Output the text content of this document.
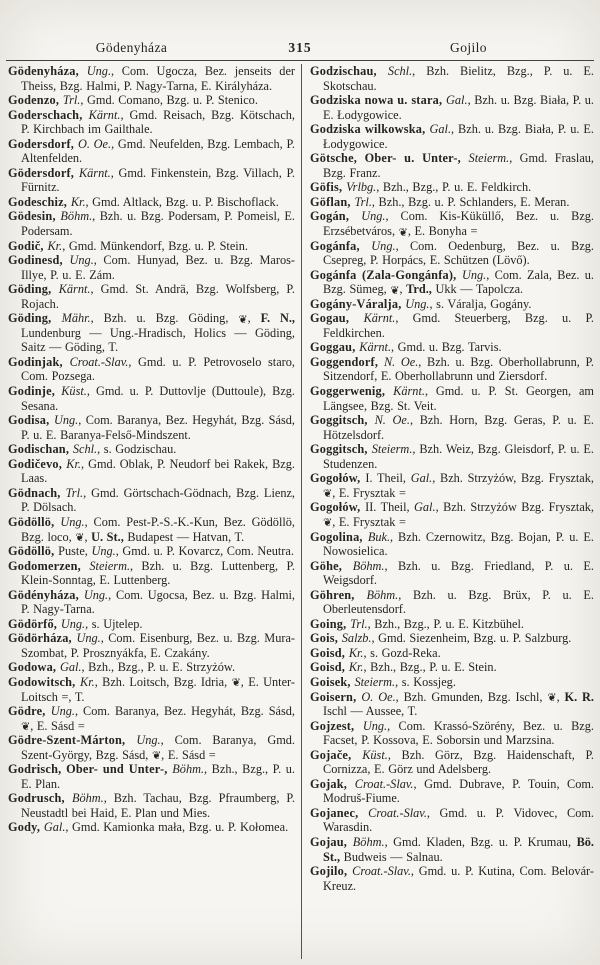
Gödenyháza	315	Gojilo
Gödenyháza, Ung., Com. Ugocza, Bez. jenseits der Theiss, Bzg. Halmi, P. Nagy-Tarna, E. Királyháza.
Godenzo, Trl., Gmd. Comano, Bzg. u. P. Stenico.
Goderschach, Kärnt., Gmd. Reisach, Bzg. Kötschach, P. Kirchbach im Gailthale.
Godersdorf, O. Oe., Gmd. Neufelden, Bzg. Lembach, P. Altenfelden.
Gödersdorf, Kärnt., Gmd. Finkenstein, Bzg. Villach, P. Fürnitz.
Godeschiz, Kr., Gmd. Altlack, Bzg. u. P. Bischoflack.
Gödesin, Böhm., Bzh. u. Bzg. Podersam, P. Pomeisl, E. Podersam.
Godič, Kr., Gmd. Münkendorf, Bzg. u. P. Stein.
Godinesd, Ung., Com. Hunyad, Bez. u. Bzg. Maros-Illye, P. u. E. Zám.
Göding, Kärnt., Gmd. St. Andrä, Bzg. Wolfsberg, P. Rojach.
Göding, Mähr., Bzh. u. Bzg. Göding, ❦, F. N., Lundenburg — Ung.-Hradisch, Holics — Göding, Saitz — Göding, T.
Godinjak, Croat.-Slav., Gmd. u. P. Petrovoselo staro, Com. Pozsega.
Godinje, Küst., Gmd. u. P. Duttovlje (Duttoule), Bzg. Sesana.
Godisa, Ung., Com. Baranya, Bez. Hegyhát, Bzg. Sásd, P. u. E. Baranya-Felső-Mindszent.
Godischan, Schl., s. Godzischau.
Godičevo, Kr., Gmd. Oblak, P. Neudorf bei Rakek, Bzg. Laas.
Gödnach, Trl., Gmd. Görtschach-Gödnach, Bzg. Lienz, P. Dölsach.
Gödöllö, Ung., Com. Pest-P.-S.-K.-Kun, Bez. Gödöllö, Bzg. loco, ❦, U. St., Budapest — Hatvan, T.
Gödöllö, Puste, Ung., Gmd. u. P. Kovarcz, Com. Neutra.
Godomerzen, Steierm., Bzh. u. Bzg. Luttenberg, P. Klein-Sonntag, E. Luttenberg.
Gödényháza, Ung., Com. Ugocsa, Bez. u. Bzg. Halmi, P. Nagy-Tarna.
Gödörfő, Ung., s. Ujtelep.
Gödörháza, Ung., Com. Eisenburg, Bez. u. Bzg. Mura-Szombat, P. Prosznyákfa, E. Czakány.
Godowa, Gal., Bzh., Bzg., P. u. E. Strzyżów.
Godowitsch, Kr., Bzh. Loitsch, Bzg. Idria, ❦, E. Unter-Loitsch =, T.
Gödre, Ung., Com. Baranya, Bez. Hegyhát, Bzg. Sásd, ❦, E. Sásd =
Gödre-Szent-Márton, Ung., Com. Baranya, Gmd. Szent-György, Bzg. Sásd, ❦, E. Sásd =
Godrisch, Ober- und Unter-, Böhm., Bzh., Bzg., P. u. E. Plan.
Godrusch, Böhm., Bzh. Tachau, Bzg. Pfraumberg, P. Neustadtl bei Haid, E. Plan und Mies.
Gody, Gal., Gmd. Kamionka mała, Bzg. u. P. Kołomea.
Godzischau, Schl., Bzh. Bielitz, Bzg., P. u. E. Skotschau.
Godziska nowa u. stara, Gal., Bzh. u. Bzg. Biała, P. u. E. Łodygowice.
Godziska wilkowska, Gal., Bzh. u. Bzg. Biała, P. u. E. Łodygowice.
Götsche, Ober- u. Unter-, Steierm., Gmd. Fraslau, Bzg. Franz.
Göfis, Vrlbg., Bzh., Bzg., P. u. E. Feldkirch.
Göflan, Trl., Bzh., Bzg. u. P. Schlanders, E. Meran.
Gogán, Ung., Com. Kis-Küküllő, Bez. u. Bzg. Erzsébetváros, ❦, E. Bonyha =
Gogánfa, Ung., Com. Oedenburg, Bez. u. Bzg. Csepreg, P. Horpács, E. Schützen (Lövő).
Gogánfa (Zala-Gongánfa), Ung., Com. Zala, Bez. u. Bzg. Sümeg, ❦, Trd., Ukk — Tapolcza.
Gogány-Váralja, Ung., s. Váralja, Gogány.
Gogau, Kärnt., Gmd. Steuerberg, Bzg. u. P. Feldkirchen.
Goggau, Kärnt., Gmd. u. Bzg. Tarvis.
Goggendorf, N. Oe., Bzh. u. Bzg. Oberhollabrunn, P. Sitzendorf, E. Oberhollabrunn und Ziersdorf.
Goggerwenig, Kärnt., Gmd. u. P. St. Georgen, am Längsee, Bzg. St. Veit.
Goggitsch, N. Oe., Bzh. Horn, Bzg. Geras, P. u. E. Hötzelsdorf.
Goggitsch, Steierm., Bzh. Weiz, Bzg. Gleisdorf, P. u. E. Studenzen.
Gogołów, I. Theil, Gal., Bzh. Strzyżów, Bzg. Frysztak, ❦, E. Frysztak =
Gogołów, II. Theil, Gal., Bzh. Strzyżów Bzg. Frysztak, ❦, E. Frysztak =
Gogolina, Buk., Bzh. Czernowitz, Bzg. Bojan, P. u. E. Nowosielica.
Göhe, Böhm., Bzh. u. Bzg. Friedland, P. u. E. Weigsdorf.
Göhren, Böhm., Bzh. u. Bzg. Brüx, P. u. E. Oberleutensdorf.
Going, Trl., Bzh., Bzg., P. u. E. Kitzbühel.
Gois, Salzb., Gmd. Siezenheim, Bzg. u. P. Salzburg.
Goisd, Kr., s. Gozd-Reka.
Goisd, Kr., Bzh., Bzg., P. u. E. Stein.
Goisek, Steierm., s. Kossjeg.
Goisern, O. Oe., Bzh. Gmunden, Bzg. Ischl, ❦, K. R. Ischl — Aussee, T.
Gojzest, Ung., Com. Krassó-Szörény, Bez. u. Bzg. Facset, P. Kossova, E. Soborsin und Marzsina.
Gojače, Küst., Bzh. Görz, Bzg. Haidenschaft, P. Cornizza, E. Görz und Adelsberg.
Gojak, Croat.-Slav., Gmd. Dubrave, P. Touin, Com. Modruš-Fiume.
Gojanec, Croat.-Slav., Gmd. u. P. Vidovec, Com. Warasdin.
Gojau, Böhm., Gmd. Kladen, Bzg. u. P. Krumau, Bö. St., Budweis — Salnau.
Gojilo, Croat.-Slav., Gmd. u. P. Kutina, Com. Belovár-Kreuz.
